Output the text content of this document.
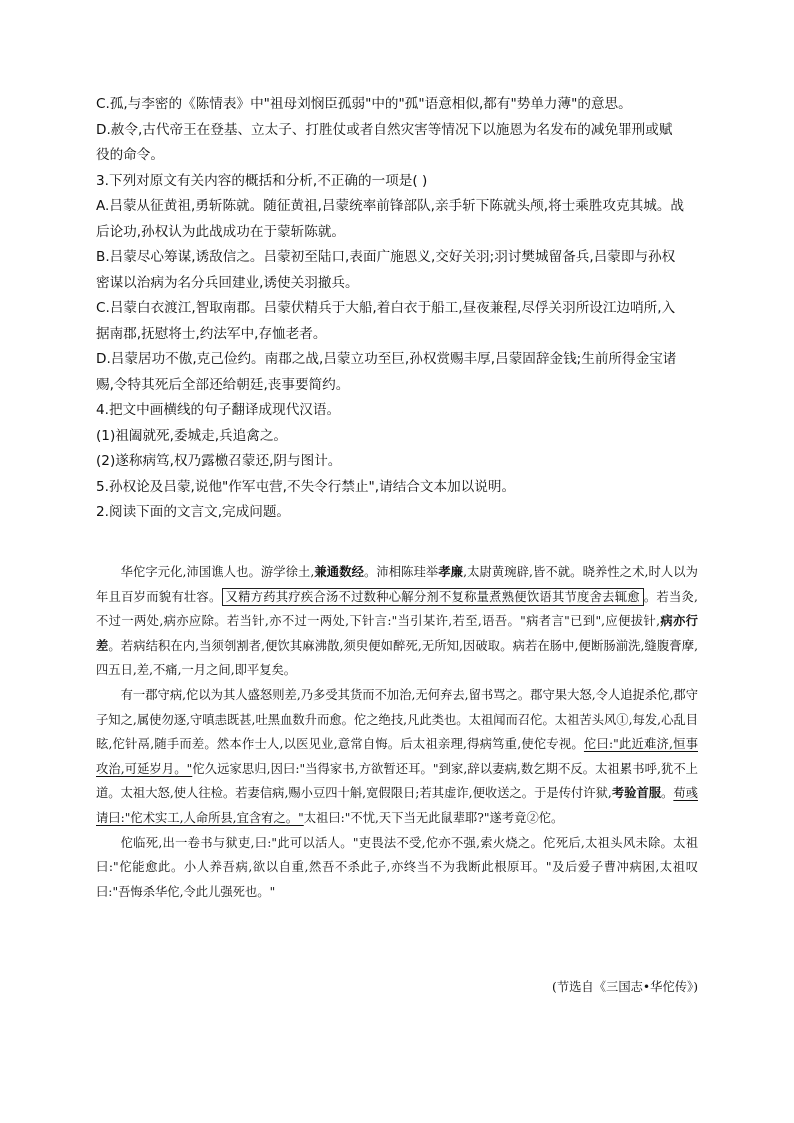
C.孤,与李密的《陈情表》中"祖母刘悯臣孤弱"中的"孤"语意相似,都有"势单力薄"的意思。

D.赦令,古代帝王在登基、立太子、打胜仗或者自然灾害等情况下以施恩为名发布的减免罪刑或赋

役的命令。

3.下列对原文有关内容的概括和分析,不正确的一项是( )

A.吕蒙从征黄祖,勇斩陈就。随征黄祖,吕蒙统率前锋部队,亲手斩下陈就头颅,将士乘胜攻克其城。战

后论功,孙权认为此战成功在于蒙斩陈就。

B.吕蒙尽心筹谋,诱敌信之。吕蒙初至陆口,表面广施恩义,交好关羽;羽讨樊城留备兵,吕蒙即与孙权

密谋以治病为名分兵回建业,诱使关羽撤兵。

C.吕蒙白衣渡江,智取南郡。吕蒙伏精兵于大船,着白衣于船工,昼夜兼程,尽俘关羽所设江边哨所,入

据南郡,抚慰将士,约法军中,存恤老者。

D.吕蒙居功不傲,克己俭约。南郡之战,吕蒙立功至巨,孙权赏赐丰厚,吕蒙固辞金钱;生前所得金宝诸

赐,令特其死后全部还给朝廷,丧事要简约。

4.把文中画横线的句子翻译成现代汉语。

(1)祖阖就死,委城走,兵追禽之。

(2)遂称病笃,权乃露檄召蒙还,阴与图计。

5.孙权论及吕蒙,说他"作军屯营,不失令行禁止",请结合文本加以说明。

2.阅读下面的文言文,完成问题。

华佗字元化,沛国谯人也。游学徐土,兼通数经。沛相陈珪举孝廉,太尉黄琬辟,皆不就。晓养性之术,时人以为年且百岁而貌有壮容。 又精方药其疗疾合汤不过数种心解分剂不复称量煮熟便饮语其节度舍去辄愈 。若当灸,不过一两处,病亦应除。若当针,亦不过一两处,下针言:"当引某许,若至,语吾。"病者言"已到",应便拔针,病亦行差。若病结积在内,当须刳割者,便饮其麻沸散,须臾便如醉死,无所知,因破取。病若在肠中,便断肠湔洗,缝腹膏摩,四五日,差,不痛,一月之间,即平复矣。

有一郡守病,佗以为其人盛怒则差,乃多受其货而不加治,无何弃去,留书骂之。郡守果大怒,令人追捉杀佗,郡守子知之,属使勿逐,守嗔恚既甚,吐黑血数升而愈。佗之绝技,凡此类也。太祖闻而召佗。太祖苦头风①,每发,心乱目眩,佗针鬲,随手而差。然本作士人,以医见业,意常自悔。后太祖亲理,得病笃重,使佗专视。佗曰:"此近难济,恒事攻治,可延岁月。"佗久远家思归,因曰:"当得家书,方欲暂还耳。"到家,辞以妻病,数乞期不反。太祖累书呼,犹不上道。太祖大怒,使人往检。若妻信病,赐小豆四十斛,宽假限日;若其虚诈,便收送之。于是传付许狱,考验首服。荀彧请曰:"佗术实工,人命所县,宜含宥之。"太祖曰:"不忧,天下当无此鼠辈耶?"遂考竟②佗。

佗临死,出一卷书与狱吏,曰:"此可以活人。"吏畏法不受,佗亦不强,索火烧之。佗死后,太祖头风未除。太祖曰:"佗能愈此。小人养吾病,欲以自重,然吾不杀此子,亦终当不为我断此根原耳。"及后爱子曹冲病困,太祖叹曰:"吾悔杀华佗,令此儿强死也。"

(节选自《三国志•华佗传》)
